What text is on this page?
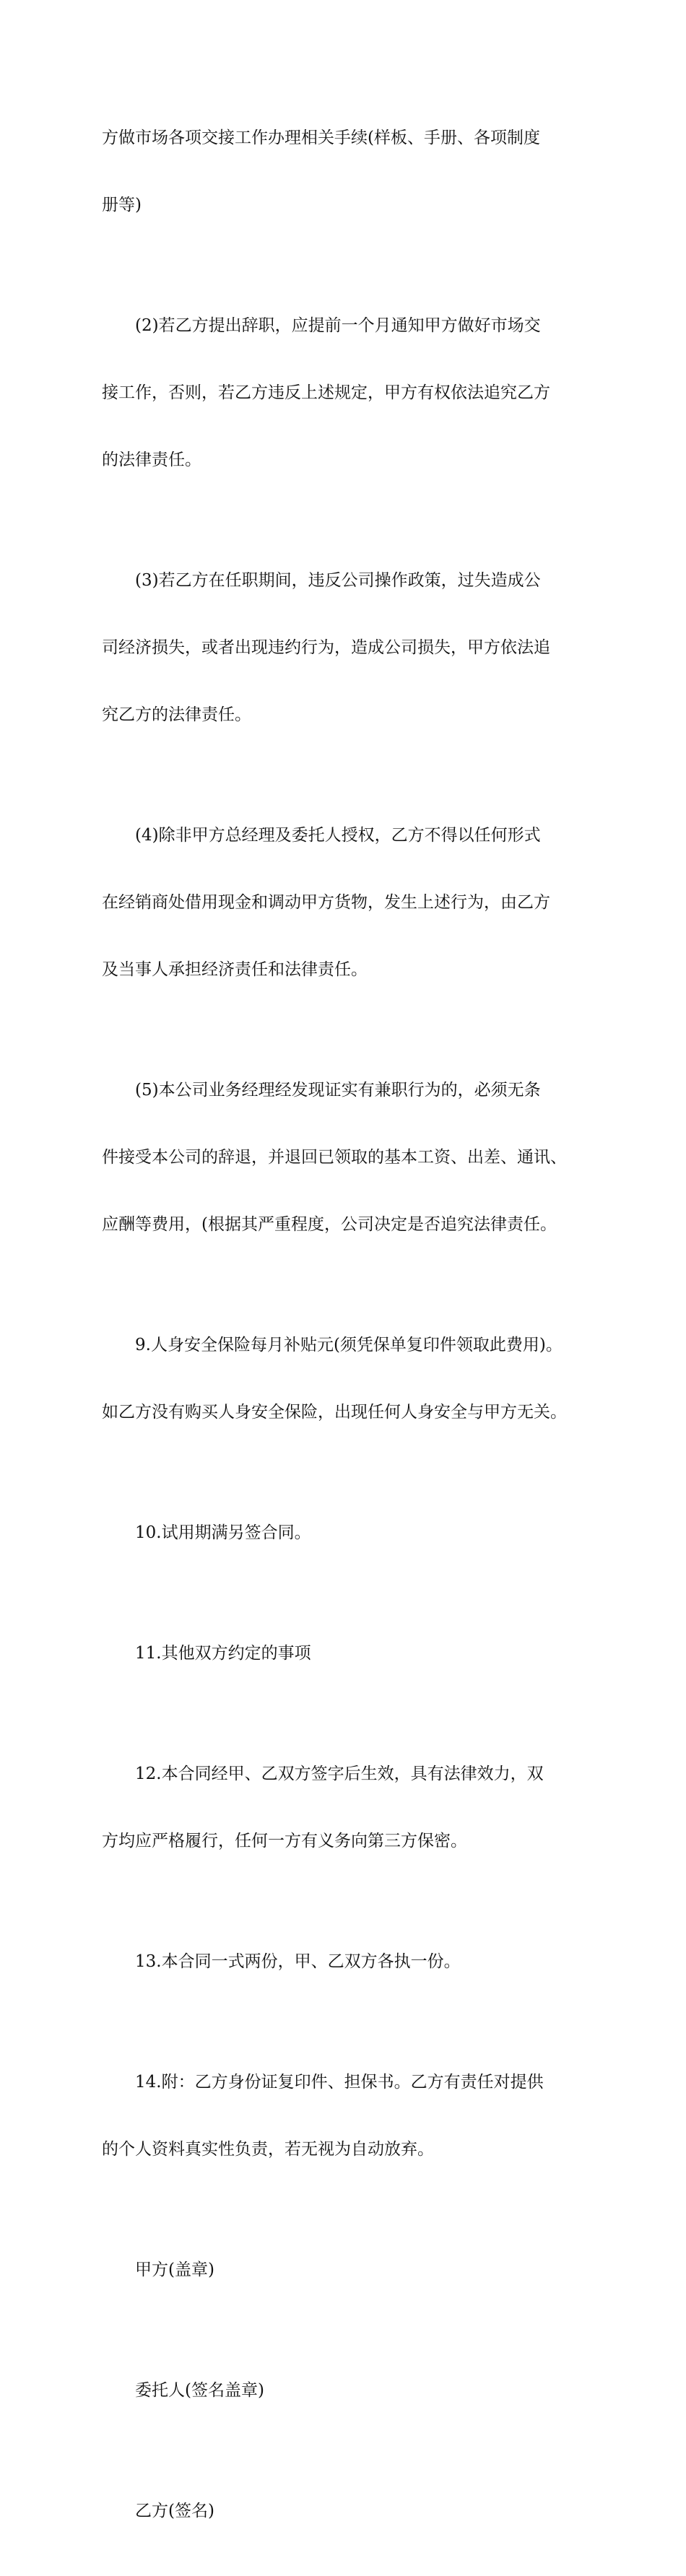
方做市场各项交接工作办理相关手续(样板、手册、各项制度

册等)

(2)若乙方提出辞职，应提前一个月通知甲方做好市场交

接工作，否则，若乙方违反上述规定，甲方有权依法追究乙方

的法律责任。

(3)若乙方在任职期间，违反公司操作政策，过失造成公

司经济损失，或者出现违约行为，造成公司损失，甲方依法追

究乙方的法律责任。

(4)除非甲方总经理及委托人授权，乙方不得以任何形式

在经销商处借用现金和调动甲方货物，发生上述行为，由乙方

及当事人承担经济责任和法律责任。

(5)本公司业务经理经发现证实有兼职行为的，必须无条

件接受本公司的辞退，并退回已领取的基本工资、出差、通讯、

应酬等费用，(根据其严重程度，公司决定是否追究法律责任。

9.人身安全保险每月补贴元(须凭保单复印件领取此费用)。

如乙方没有购买人身安全保险，出现任何人身安全与甲方无关。

10.试用期满另签合同。

11.其他双方约定的事项

12.本合同经甲、乙双方签字后生效，具有法律效力，双

方均应严格履行，任何一方有义务向第三方保密。

13.本合同一式两份，甲、乙双方各执一份。

14.附：乙方身份证复印件、担保书。乙方有责任对提供

的个人资料真实性负责，若无视为自动放弃。

甲方(盖章)

委托人(签名盖章)

乙方(签名)
